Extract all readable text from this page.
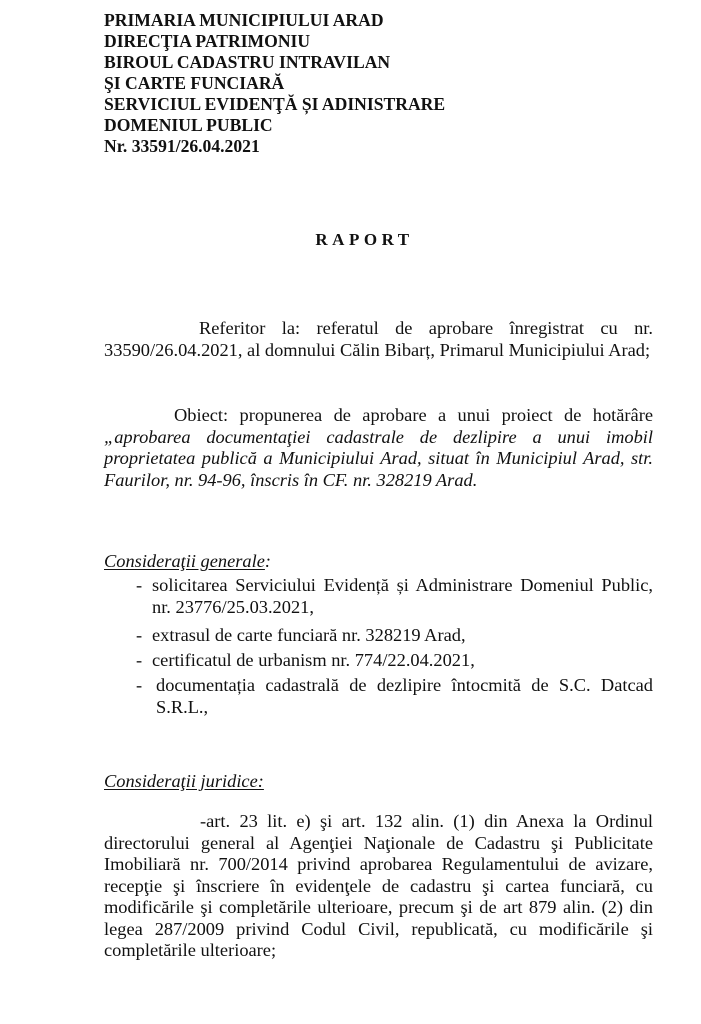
PRIMARIA MUNICIPIULUI ARAD
DIRECŢIA PATRIMONIU
BIROUL CADASTRU INTRAVILAN
ŞI CARTE FUNCIARĂ
SERVICIUL EVIDENŢĂ ȘI ADINISTRARE
DOMENIUL PUBLIC
Nr. 33591/26.04.2021
RAPORT
Referitor la: referatul de aprobare înregistrat cu nr. 33590/26.04.2021, al domnului Călin Bibarț, Primarul Municipiului Arad;
Obiect: propunerea de aprobare a unui proiect de hotărâre „aprobarea documentaţiei cadastrale de dezlipire a unui imobil proprietatea publică a Municipiului Arad, situat în Municipiul Arad, str. Faurilor, nr. 94-96, înscris în CF. nr. 328219 Arad.
Consideraţii generale:
- solicitarea Serviciului Evidență și Administrare Domeniul Public, nr. 23776/25.03.2021,
- extrasul de carte funciară nr. 328219 Arad,
- certificatul de urbanism nr. 774/22.04.2021,
- documentația cadastrală de dezlipire întocmită de S.C. Datcad S.R.L.,
Consideraţii juridice:
-art. 23 lit. e) şi art. 132 alin. (1) din Anexa la Ordinul directorului general al Agenţiei Naţionale de Cadastru şi Publicitate Imobiliară nr. 700/2014 privind aprobarea Regulamentului de avizare, recepţie şi înscriere în evidenţele de cadastru şi cartea funciară, cu modificările şi completările ulterioare, precum şi de art 879 alin. (2) din legea 287/2009 privind Codul Civil, republicată, cu modificările şi completările ulterioare;
